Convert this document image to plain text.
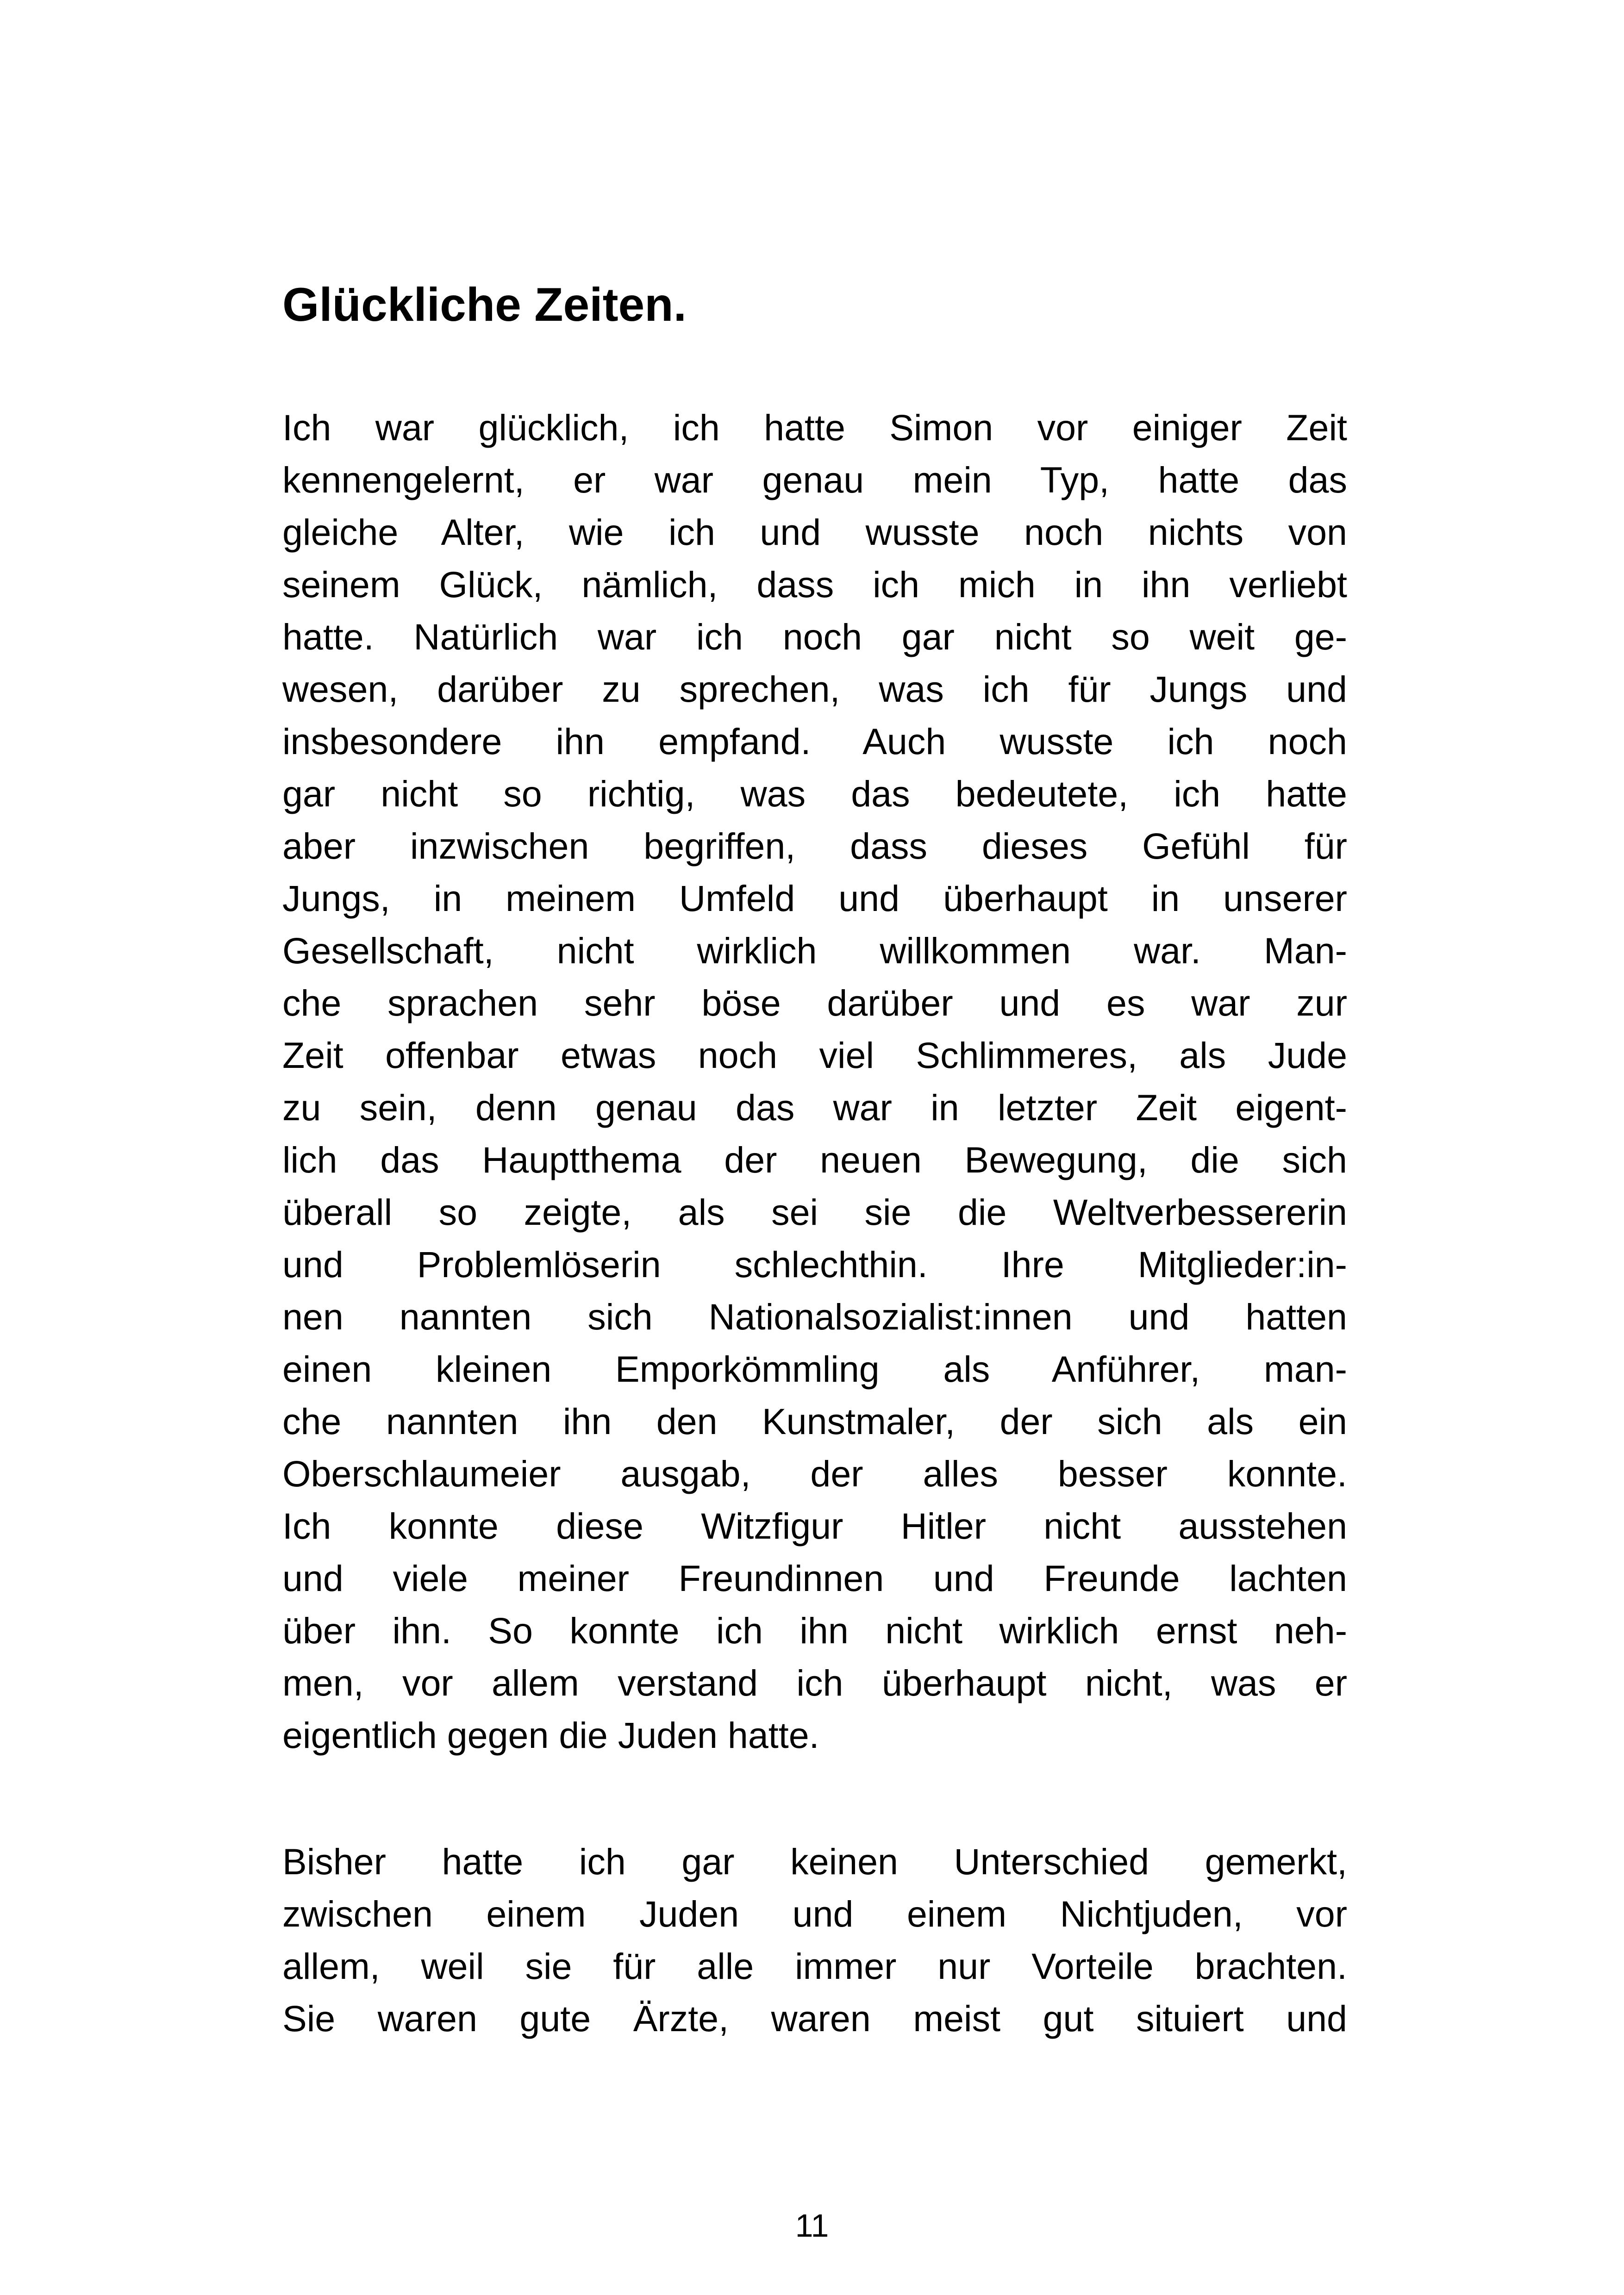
Glückliche Zeiten.
Ich war glücklich, ich hatte Simon vor einiger Zeit
kennengelernt, er war genau mein Typ, hatte das
gleiche Alter, wie ich und wusste noch nichts von
seinem Glück, nämlich, dass ich mich in ihn verliebt
hatte. Natürlich war ich noch gar nicht so weit ge-
wesen, darüber zu sprechen, was ich für Jungs und
insbesondere ihn empfand. Auch wusste ich noch
gar nicht so richtig, was das bedeutete, ich hatte
aber inzwischen begriffen, dass dieses Gefühl für
Jungs, in meinem Umfeld und überhaupt in unserer
Gesellschaft, nicht wirklich willkommen war. Man-
che sprachen sehr böse darüber und es war zur
Zeit offenbar etwas noch viel Schlimmeres, als Jude
zu sein, denn genau das war in letzter Zeit eigent-
lich das Hauptthema der neuen Bewegung, die sich
überall so zeigte, als sei sie die Weltverbessererin
und Problemlöserin schlechthin. Ihre Mitglieder:in-
nen nannten sich Nationalsozialist:innen und hatten
einen kleinen Emporkömmling als Anführer, man-
che nannten ihn den Kunstmaler, der sich als ein
Oberschlaumeier ausgab, der alles besser konnte.
Ich konnte diese Witzfigur Hitler nicht ausstehen
und viele meiner Freundinnen und Freunde lachten
über ihn. So konnte ich ihn nicht wirklich ernst neh-
men, vor allem verstand ich überhaupt nicht, was er
eigentlich gegen die Juden hatte.
Bisher hatte ich gar keinen Unterschied gemerkt,
zwischen einem Juden und einem Nichtjuden, vor
allem, weil sie für alle immer nur Vorteile brachten.
Sie waren gute Ärzte, waren meist gut situiert und
11
